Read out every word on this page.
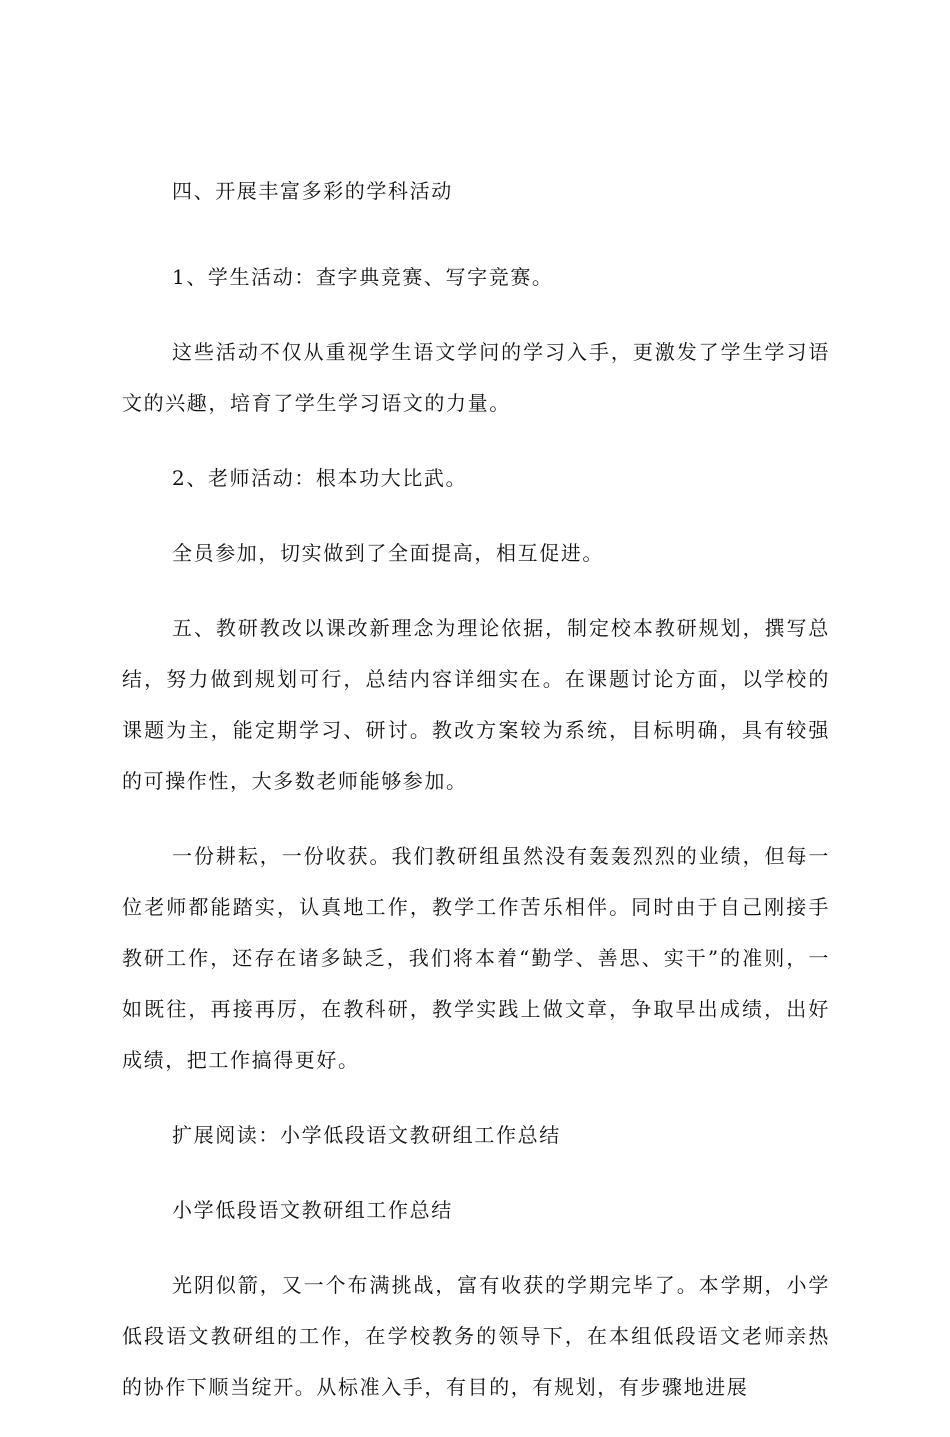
四、开展丰富多彩的学科活动

1、学生活动：查字典竞赛、写字竞赛。

这些活动不仅从重视学生语文学问的学习入手，更激发了学生学习语文的兴趣，培育了学生学习语文的力量。

2、老师活动：根本功大比武。

全员参加，切实做到了全面提高，相互促进。

五、教研教改以课改新理念为理论依据，制定校本教研规划，撰写总结，努力做到规划可行，总结内容详细实在。在课题讨论方面，以学校的课题为主，能定期学习、研讨。教改方案较为系统，目标明确，具有较强的可操作性，大多数老师能够参加。

一份耕耘，一份收获。我们教研组虽然没有轰轰烈烈的业绩，但每一位老师都能踏实，认真地工作，教学工作苦乐相伴。同时由于自己刚接手教研工作，还存在诸多缺乏，我们将本着“勤学、善思、实干”的准则，一如既往，再接再厉，在教科研，教学实践上做文章，争取早出成绩，出好成绩，把工作搞得更好。

扩展阅读：小学低段语文教研组工作总结

小学低段语文教研组工作总结

光阴似箭，又一个布满挑战，富有收获的学期完毕了。本学期，小学低段语文教研组的工作，在学校教务的领导下，在本组低段语文老师亲热的协作下顺当绽开。从标准入手，有目的，有规划，有步骤地进展
